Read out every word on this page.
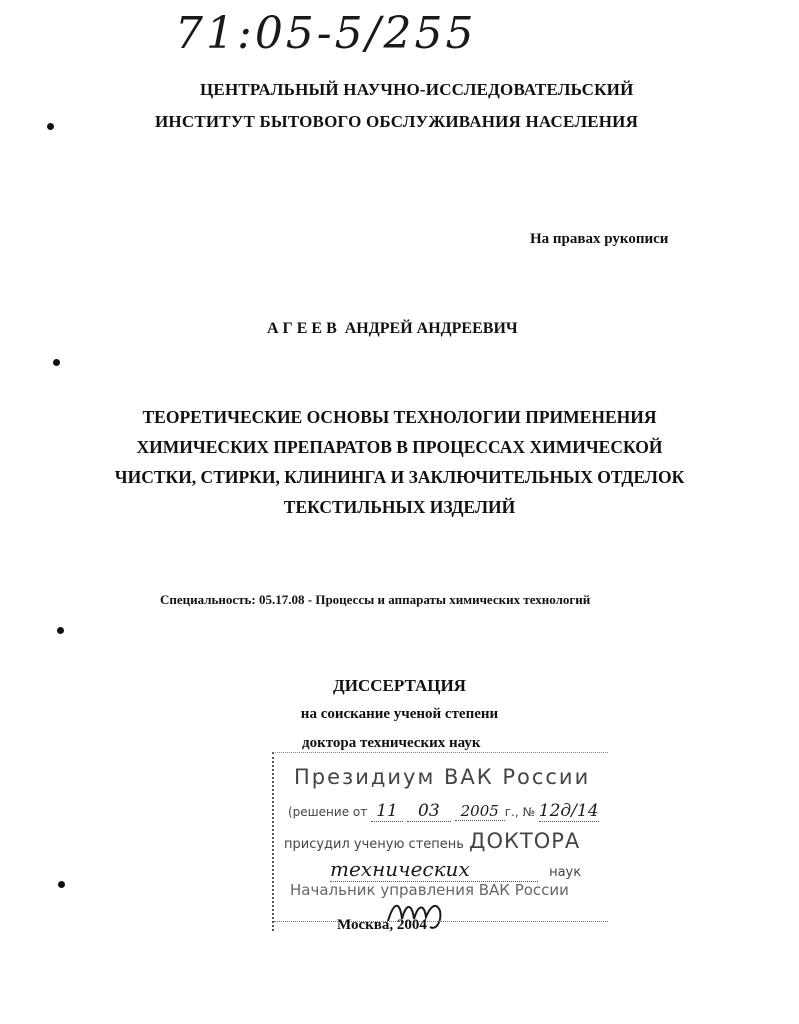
71:05-5/255
ЦЕНТРАЛЬНЫЙ НАУЧНО-ИССЛЕДОВАТЕЛЬСКИЙ
ИНСТИТУТ БЫТОВОГО ОБСЛУЖИВАНИЯ НАСЕЛЕНИЯ
На правах рукописи
А Г Е Е В  АНДРЕЙ АНДРЕЕВИЧ
ТЕОРЕТИЧЕСКИЕ ОСНОВЫ ТЕХНОЛОГИИ ПРИМЕНЕНИЯ
ХИМИЧЕСКИХ ПРЕПАРАТОВ В ПРОЦЕССАХ ХИМИЧЕСКОЙ
ЧИСТКИ, СТИРКИ, КЛИНИНГА И ЗАКЛЮЧИТЕЛЬНЫХ ОТДЕЛОК
ТЕКСТИЛЬНЫХ ИЗДЕЛИЙ
Специальность: 05.17.08 - Процессы и аппараты химических технологий
ДИССЕРТАЦИЯ
на соискание ученой степени
доктора технических наук
Президиум ВАК России
(решение от 11 03 2005 г., № 12д/14
присудил ученую степень ДОКТОРА
технических	наук
Начальник управления ВАК России
Москва, 2004
